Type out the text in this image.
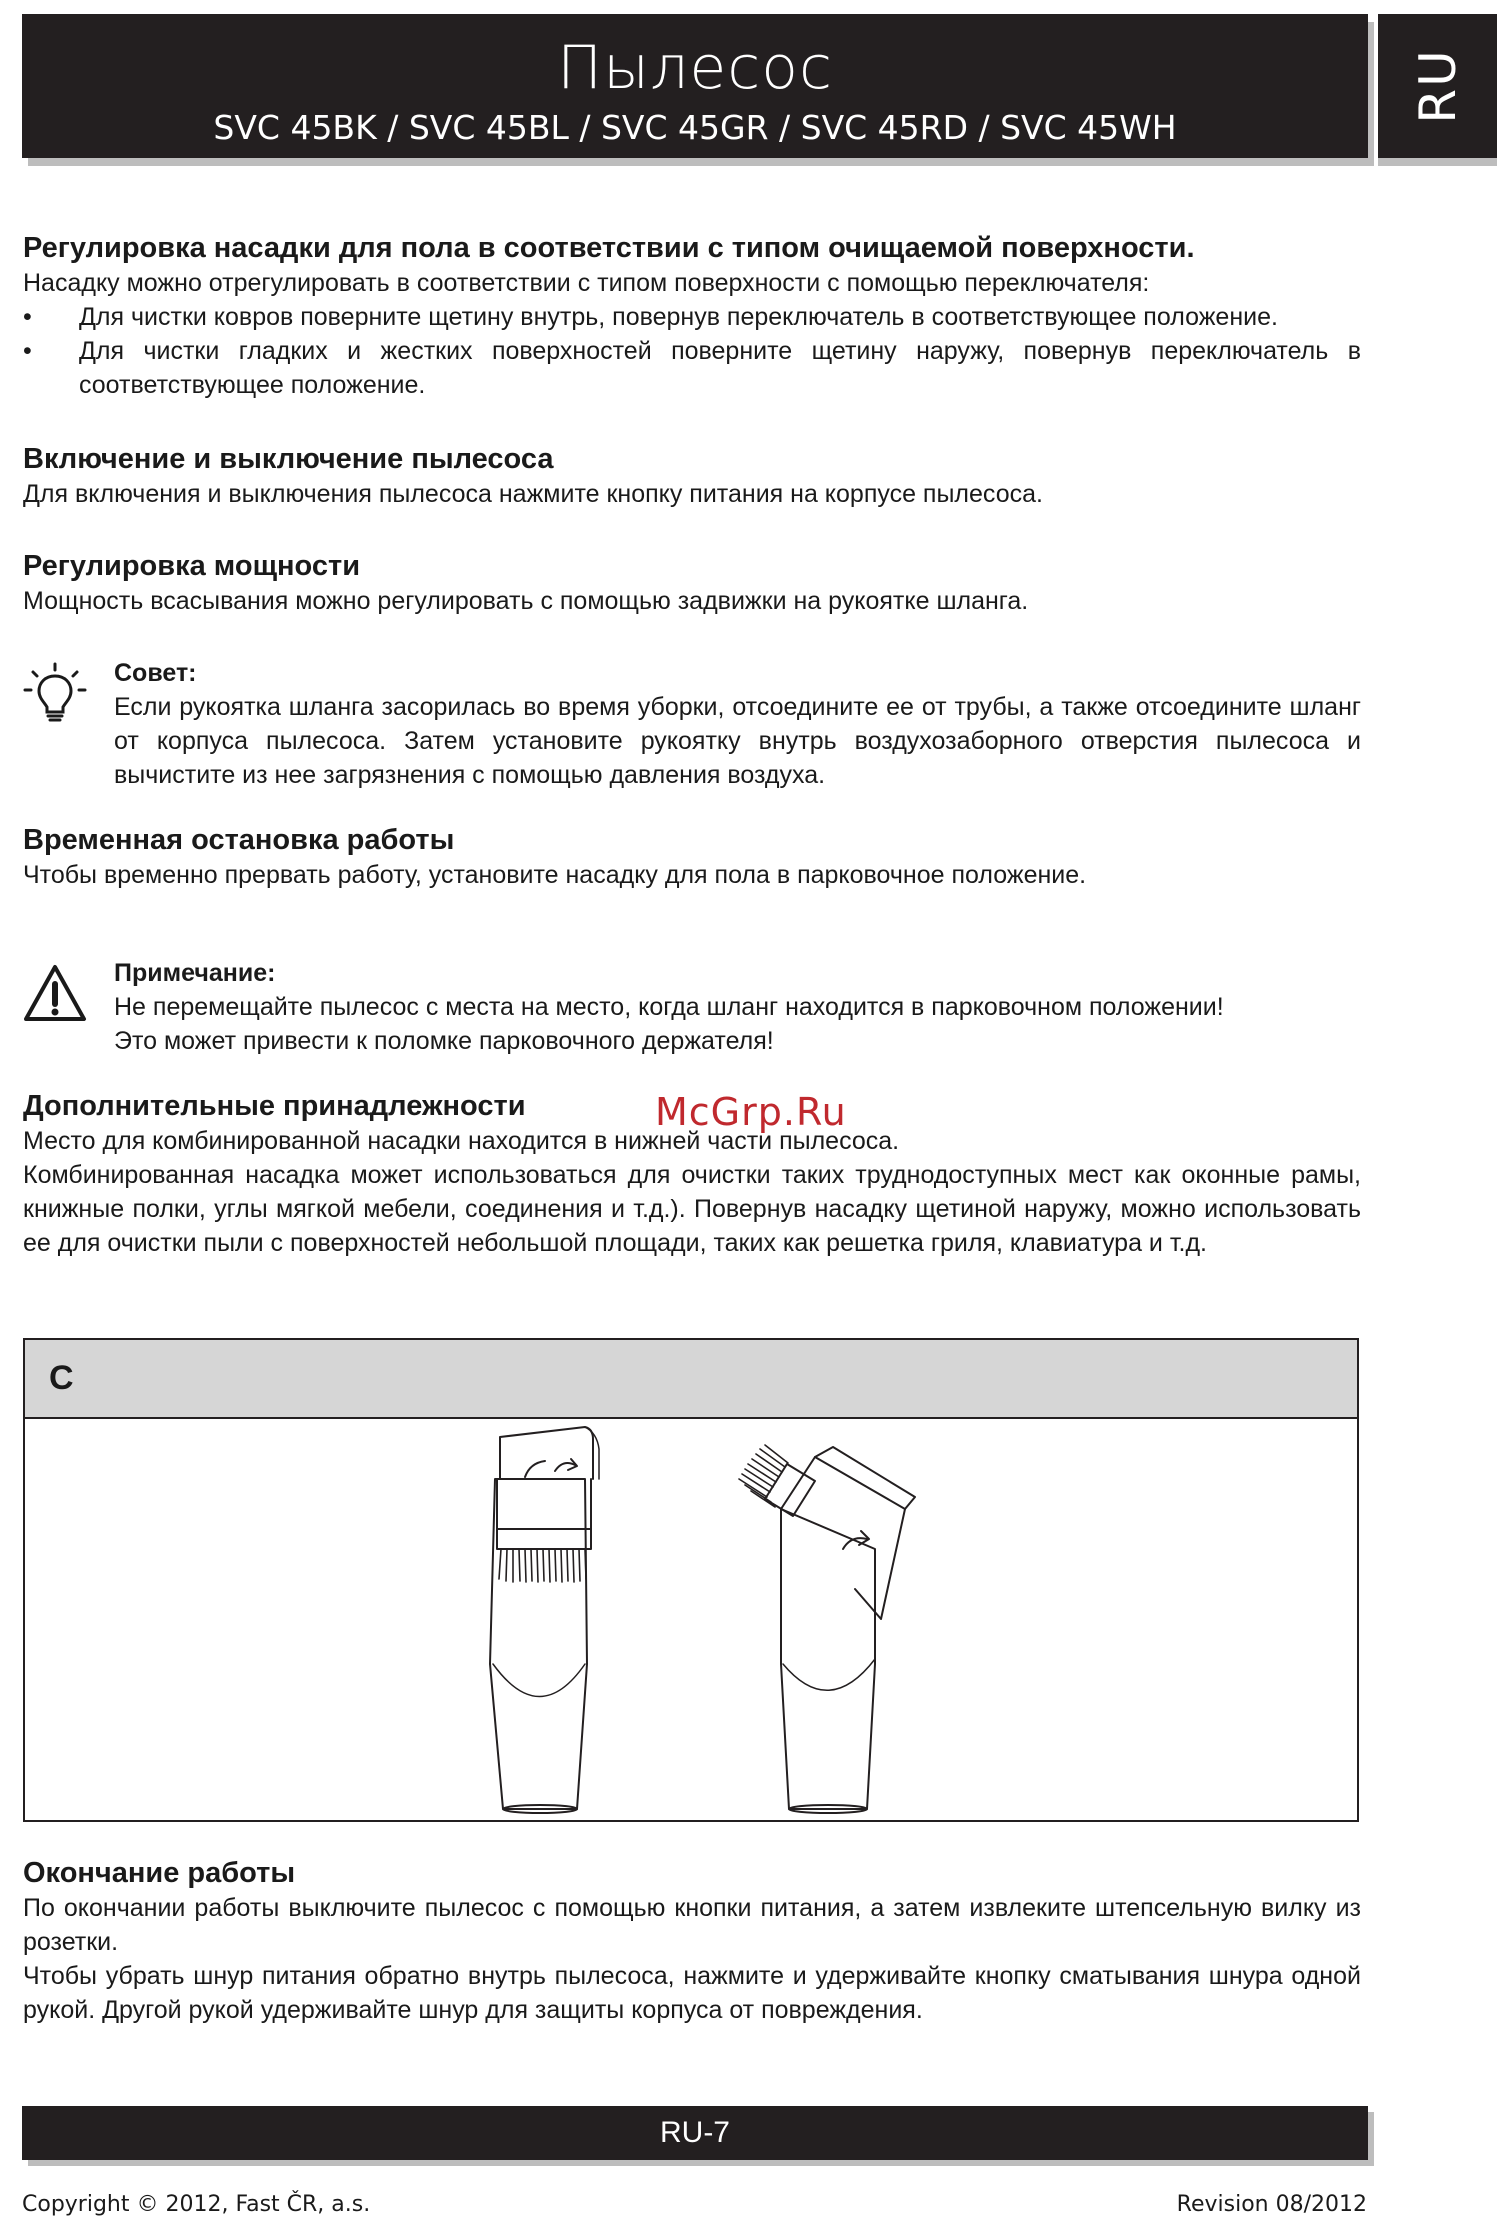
Пылесос
SVC 45BK / SVC 45BL / SVC 45GR / SVC 45RD / SVC 45WH
RU
Регулировка насадки для пола в соответствии с типом очищаемой поверхности.

Насадку можно отрегулировать в соответствии с типом поверхности с помощью переключателя:

• Для чистки ковров поверните щетину внутрь, повернув переключатель в соответствующее положение.
• Для чистки гладких и жестких поверхностей поверните щетину наружу, повернув переключатель в соответствующее положение.
Включение и выключение пылесоса

Для включения и выключения пылесоса нажмите кнопку питания на корпусе пылесоса.

Регулировка мощности

Мощность всасывания можно регулировать с помощью задвижки на рукоятке шланга.

Совет:

Если рукоятка шланга засорилась во время уборки, отсоедините ее от трубы, а также отсоедините шланг от корпуса пылесоса. Затем установите рукоятку внутрь воздухозаборного отверстия пылесоса и вычистите из нее загрязнения с помощью давления воздуха.

Временная остановка работы

Чтобы временно прервать работу, установите насадку для пола в парковочное положение.

Примечание:

Не перемещайте пылесос с места на место, когда шланг находится в парковочном положении!

Это может привести к поломке парковочного держателя!

Дополнительные принадлежности

Место для комбинированной насадки находится в нижней части пылесоса.

Комбинированная насадка может использоваться для очистки таких труднодоступных мест как оконные рамы, книжные полки, углы мягкой мебели, соединения и т.д.). Повернув насадку щетиной наружу, можно использовать ее для очистки пыли с поверхностей небольшой площади, таких как решетка гриля, клавиатура и т.д.

McGrp.Ru
C
Окончание работы

По окончании работы выключите пылесос с помощью кнопки питания, а затем извлеките штепсельную вилку из розетки.

Чтобы убрать шнур питания обратно внутрь пылесоса, нажмите и удерживайте кнопку сматывания шнура одной рукой. Другой рукой удерживайте шнур для защиты корпуса от повреждения.

RU-7
Copyright © 2012, Fast ČR, a.s.	Revision 08/2012
